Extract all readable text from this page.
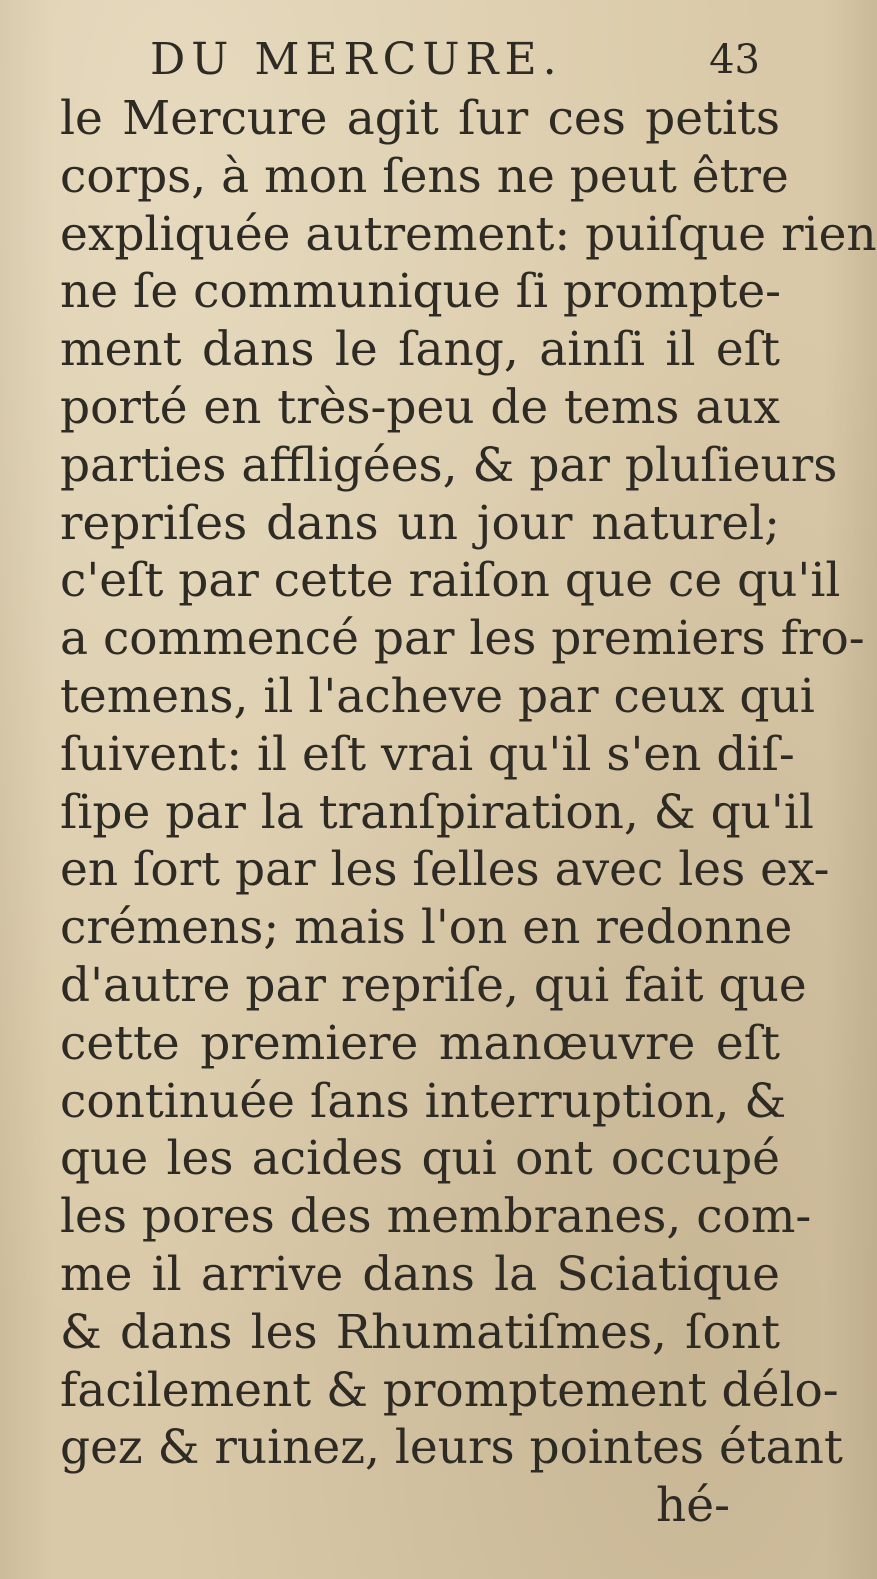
DU MERCURE.	43
le Mercure agit ſur ces petits
corps, à mon ſens ne peut être
expliquée autrement: puiſque rien
ne ſe communique ſi prompte-
ment dans le ſang, ainſi il eſt
porté en très-peu de tems aux
parties affligées, & par pluſieurs
repriſes dans un jour naturel;
c'eſt par cette raiſon que ce qu'il
a commencé par les premiers fro-
temens, il l'acheve par ceux qui
ſuivent: il eſt vrai qu'il s'en diſ-
ſipe par la tranſpiration, & qu'il
en ſort par les ſelles avec les ex-
crémens; mais l'on en redonne
d'autre par repriſe, qui fait que
cette premiere manœuvre eſt
continuée ſans interruption, &
que les acides qui ont occupé
les pores des membranes, com-
me il arrive dans la Sciatique
& dans les Rhumatiſmes, ſont
facilement & promptement délo-
gez & ruinez, leurs pointes étant
hé-
